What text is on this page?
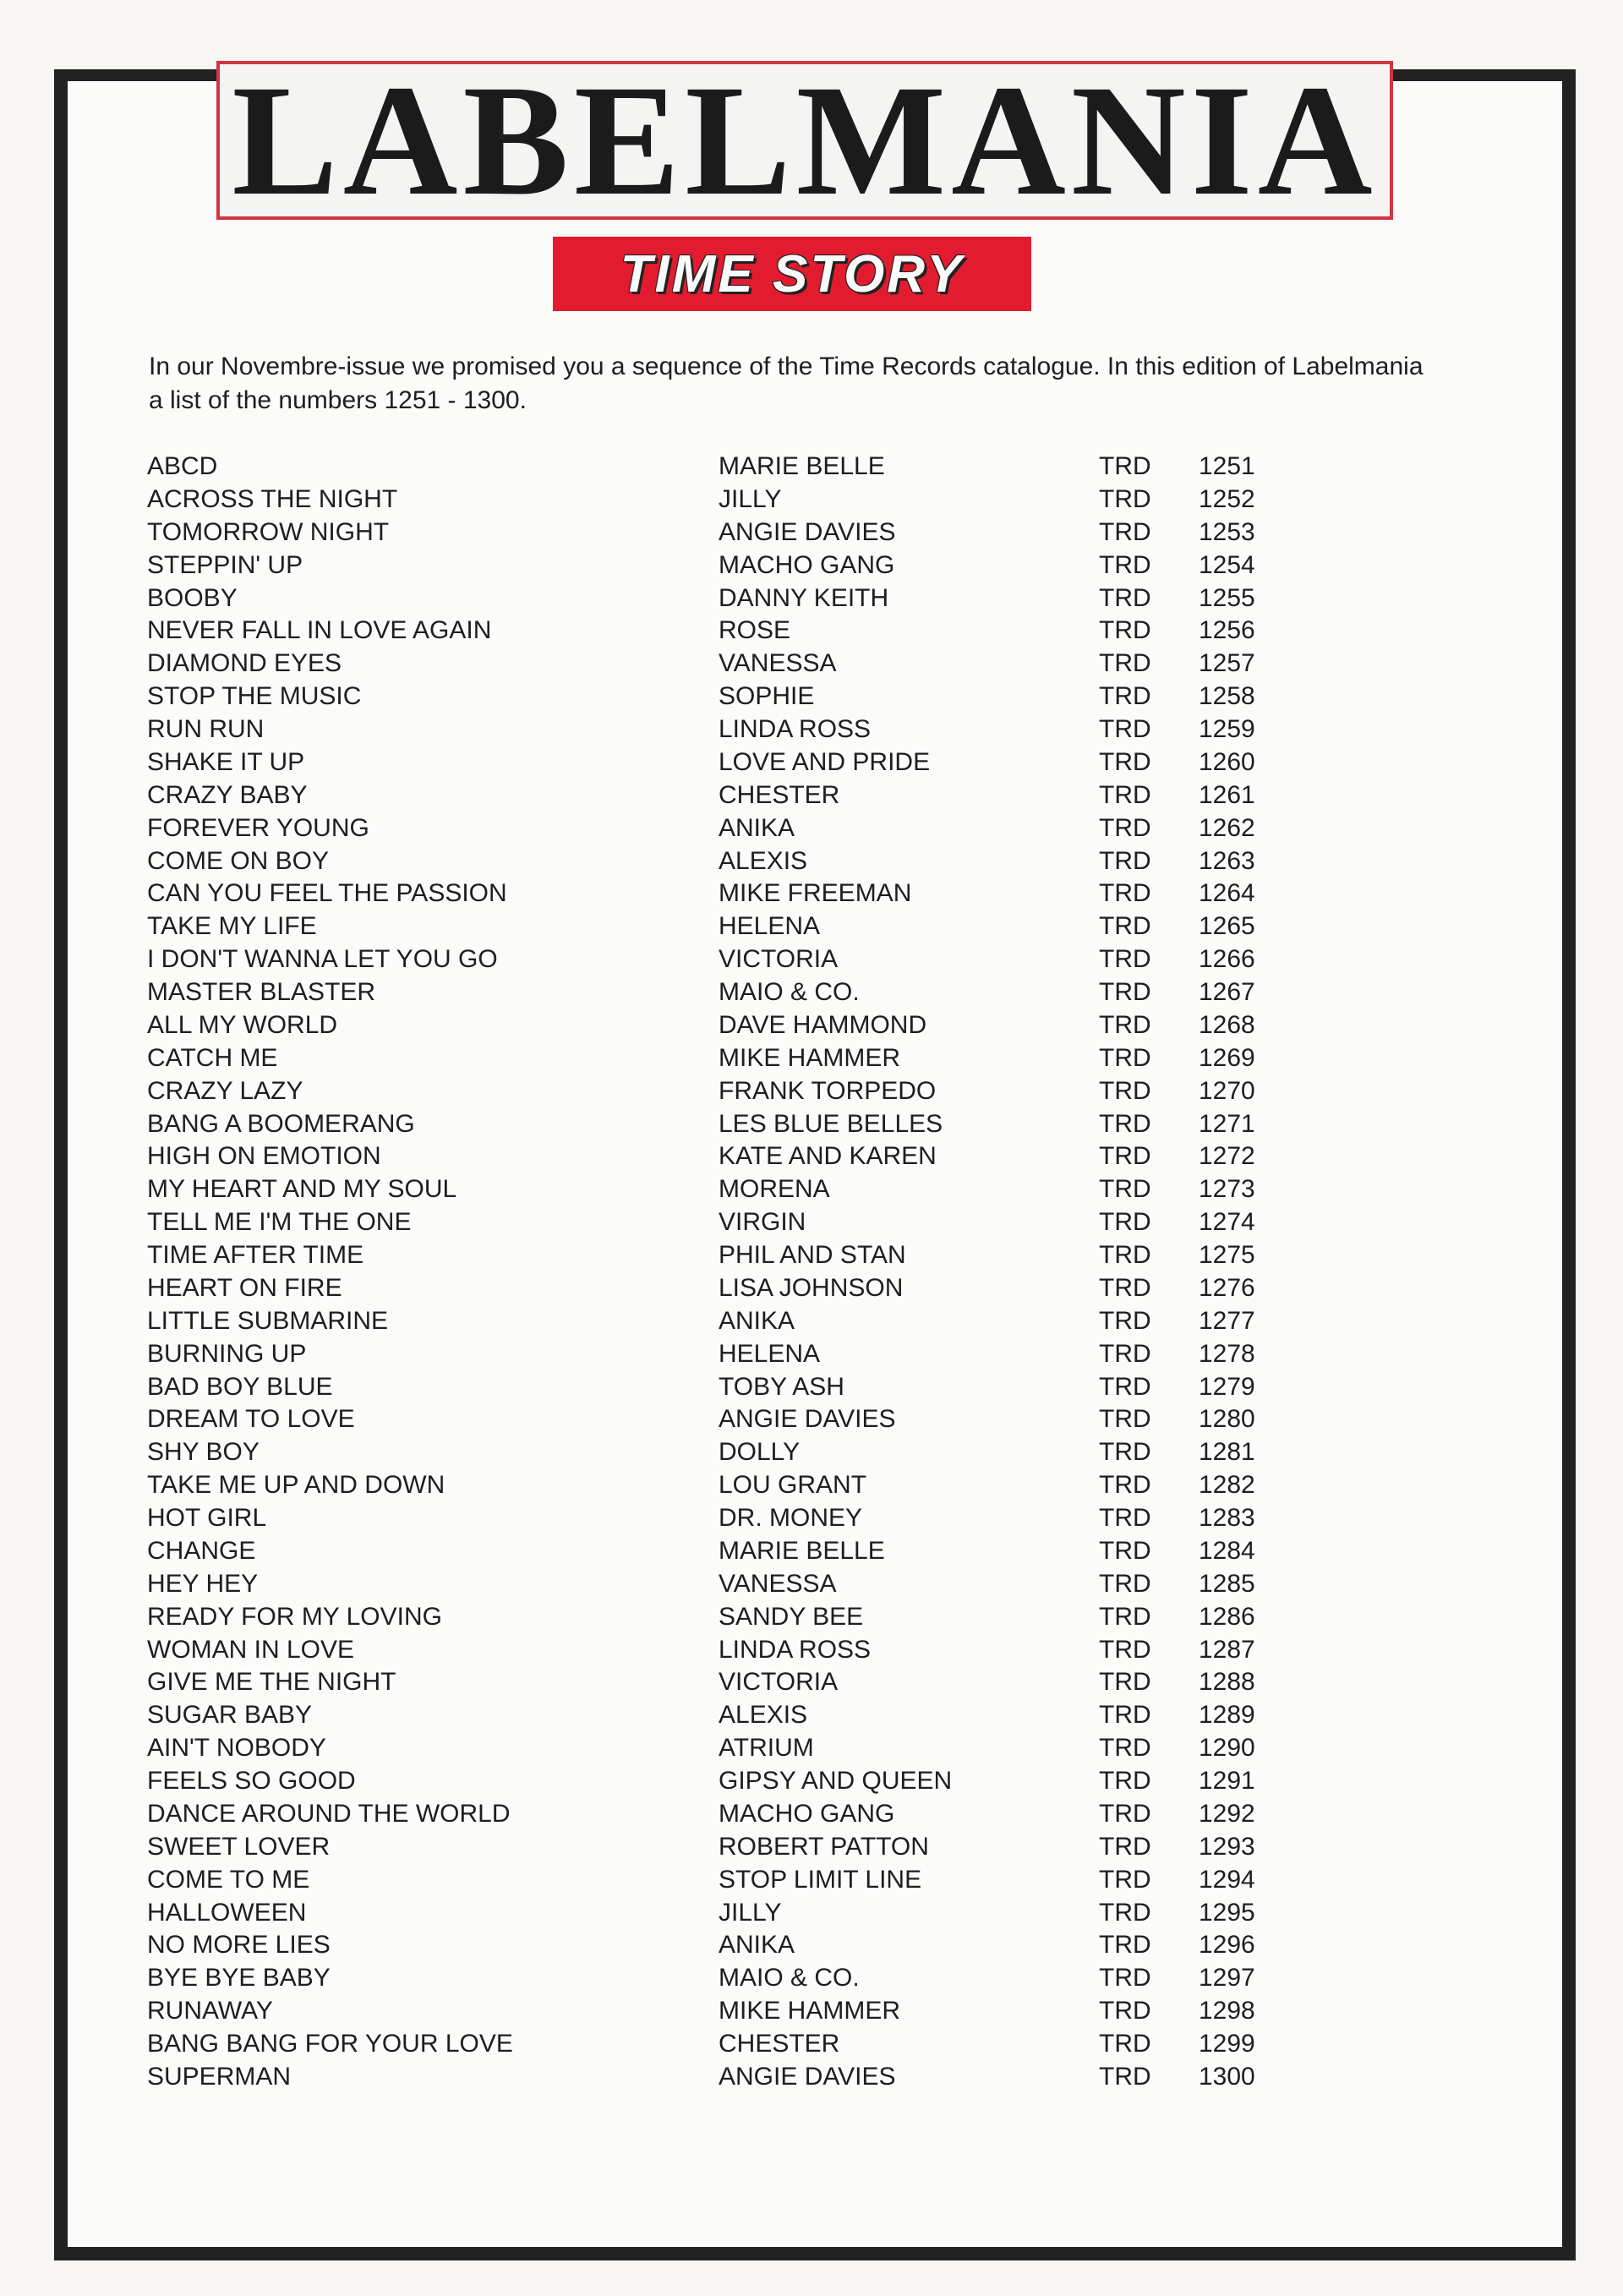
LABELMANIA
TIME STORY

In our Novembre-issue we promised you a sequence of the Time Records catalogue. In this edition of Labelmania a list of the numbers 1251 - 1300.

ABCD	MARIE BELLE	TRD	1251
ACROSS THE NIGHT	JILLY	TRD	1252
TOMORROW NIGHT	ANGIE DAVIES	TRD	1253
STEPPIN' UP	MACHO GANG	TRD	1254
BOOBY	DANNY KEITH	TRD	1255
NEVER FALL IN LOVE AGAIN	ROSE	TRD	1256
DIAMOND EYES	VANESSA	TRD	1257
STOP THE MUSIC	SOPHIE	TRD	1258
RUN RUN	LINDA ROSS	TRD	1259
SHAKE IT UP	LOVE AND PRIDE	TRD	1260
CRAZY BABY	CHESTER	TRD	1261
FOREVER YOUNG	ANIKA	TRD	1262
COME ON BOY	ALEXIS	TRD	1263
CAN YOU FEEL THE PASSION	MIKE FREEMAN	TRD	1264
TAKE MY LIFE	HELENA	TRD	1265
I DON'T WANNA LET YOU GO	VICTORIA	TRD	1266
MASTER BLASTER	MAIO & CO.	TRD	1267
ALL MY WORLD	DAVE HAMMOND	TRD	1268
CATCH ME	MIKE HAMMER	TRD	1269
CRAZY LAZY	FRANK TORPEDO	TRD	1270
BANG A BOOMERANG	LES BLUE BELLES	TRD	1271
HIGH ON EMOTION	KATE AND KAREN	TRD	1272
MY HEART AND MY SOUL	MORENA	TRD	1273
TELL ME I'M THE ONE	VIRGIN	TRD	1274
TIME AFTER TIME	PHIL AND STAN	TRD	1275
HEART ON FIRE	LISA JOHNSON	TRD	1276
LITTLE SUBMARINE	ANIKA	TRD	1277
BURNING UP	HELENA	TRD	1278
BAD BOY BLUE	TOBY ASH	TRD	1279
DREAM TO LOVE	ANGIE DAVIES	TRD	1280
SHY BOY	DOLLY	TRD	1281
TAKE ME UP AND DOWN	LOU GRANT	TRD	1282
HOT GIRL	DR. MONEY	TRD	1283
CHANGE	MARIE BELLE	TRD	1284
HEY HEY	VANESSA	TRD	1285
READY FOR MY LOVING	SANDY BEE	TRD	1286
WOMAN IN LOVE	LINDA ROSS	TRD	1287
GIVE ME THE NIGHT	VICTORIA	TRD	1288
SUGAR BABY	ALEXIS	TRD	1289
AIN'T NOBODY	ATRIUM	TRD	1290
FEELS SO GOOD	GIPSY AND QUEEN	TRD	1291
DANCE AROUND THE WORLD	MACHO GANG	TRD	1292
SWEET LOVER	ROBERT PATTON	TRD	1293
COME TO ME	STOP LIMIT LINE	TRD	1294
HALLOWEEN	JILLY	TRD	1295
NO MORE LIES	ANIKA	TRD	1296
BYE BYE BABY	MAIO & CO.	TRD	1297
RUNAWAY	MIKE HAMMER	TRD	1298
BANG BANG FOR YOUR LOVE	CHESTER	TRD	1299
SUPERMAN	ANGIE DAVIES	TRD	1300
